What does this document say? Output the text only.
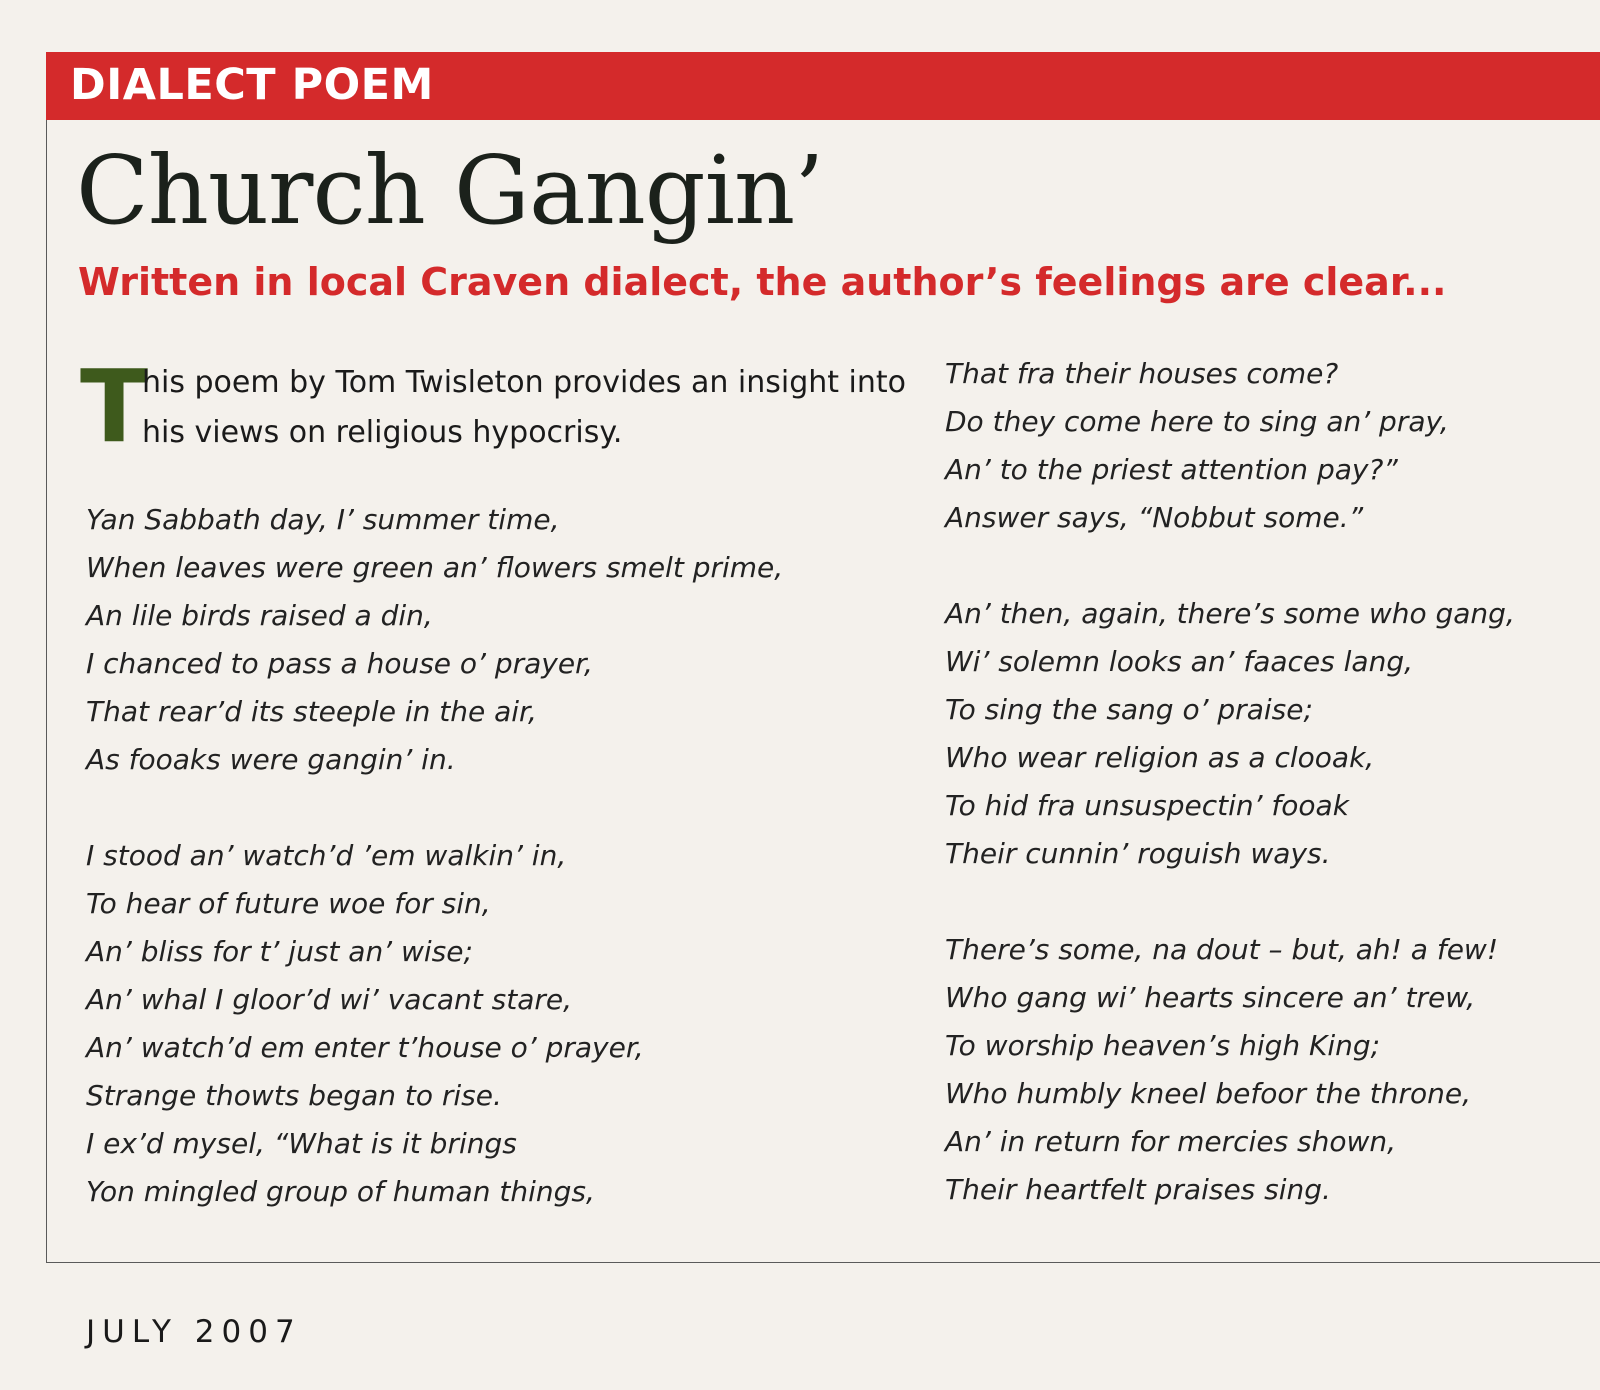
DIALECT POEM
Church Gangin’
Written in local Craven dialect, the author’s feelings are clear...
T
his poem by Tom Twisleton provides an insight into his views on religious hypocrisy.
Yan Sabbath day, I’ summer time,
When leaves were green an’ flowers smelt prime,
An lile birds raised a din,
I chanced to pass a house o’ prayer,
That rear’d its steeple in the air,
As fooaks were gangin’ in.
I stood an’ watch’d ’em walkin’ in,
To hear of future woe for sin,
An’ bliss for t’ just an’ wise;
An’ whal I gloor’d wi’ vacant stare,
An’ watch’d em enter t’house o’ prayer,
Strange thowts began to rise.
I ex’d mysel, “What is it brings
Yon mingled group of human things,
That fra their houses come?
Do they come here to sing an’ pray,
An’ to the priest attention pay?”
Answer says, “Nobbut some.”
An’ then, again, there’s some who gang,
Wi’ solemn looks an’ faaces lang,
To sing the sang o’ praise;
Who wear religion as a clooak,
To hid fra unsuspectin’ fooak
Their cunnin’ roguish ways.
There’s some, na dout – but, ah! a few!
Who gang wi’ hearts sincere an’ trew,
To worship heaven’s high King;
Who humbly kneel befoor the throne,
An’ in return for mercies shown,
Their heartfelt praises sing.
JULY 2007
